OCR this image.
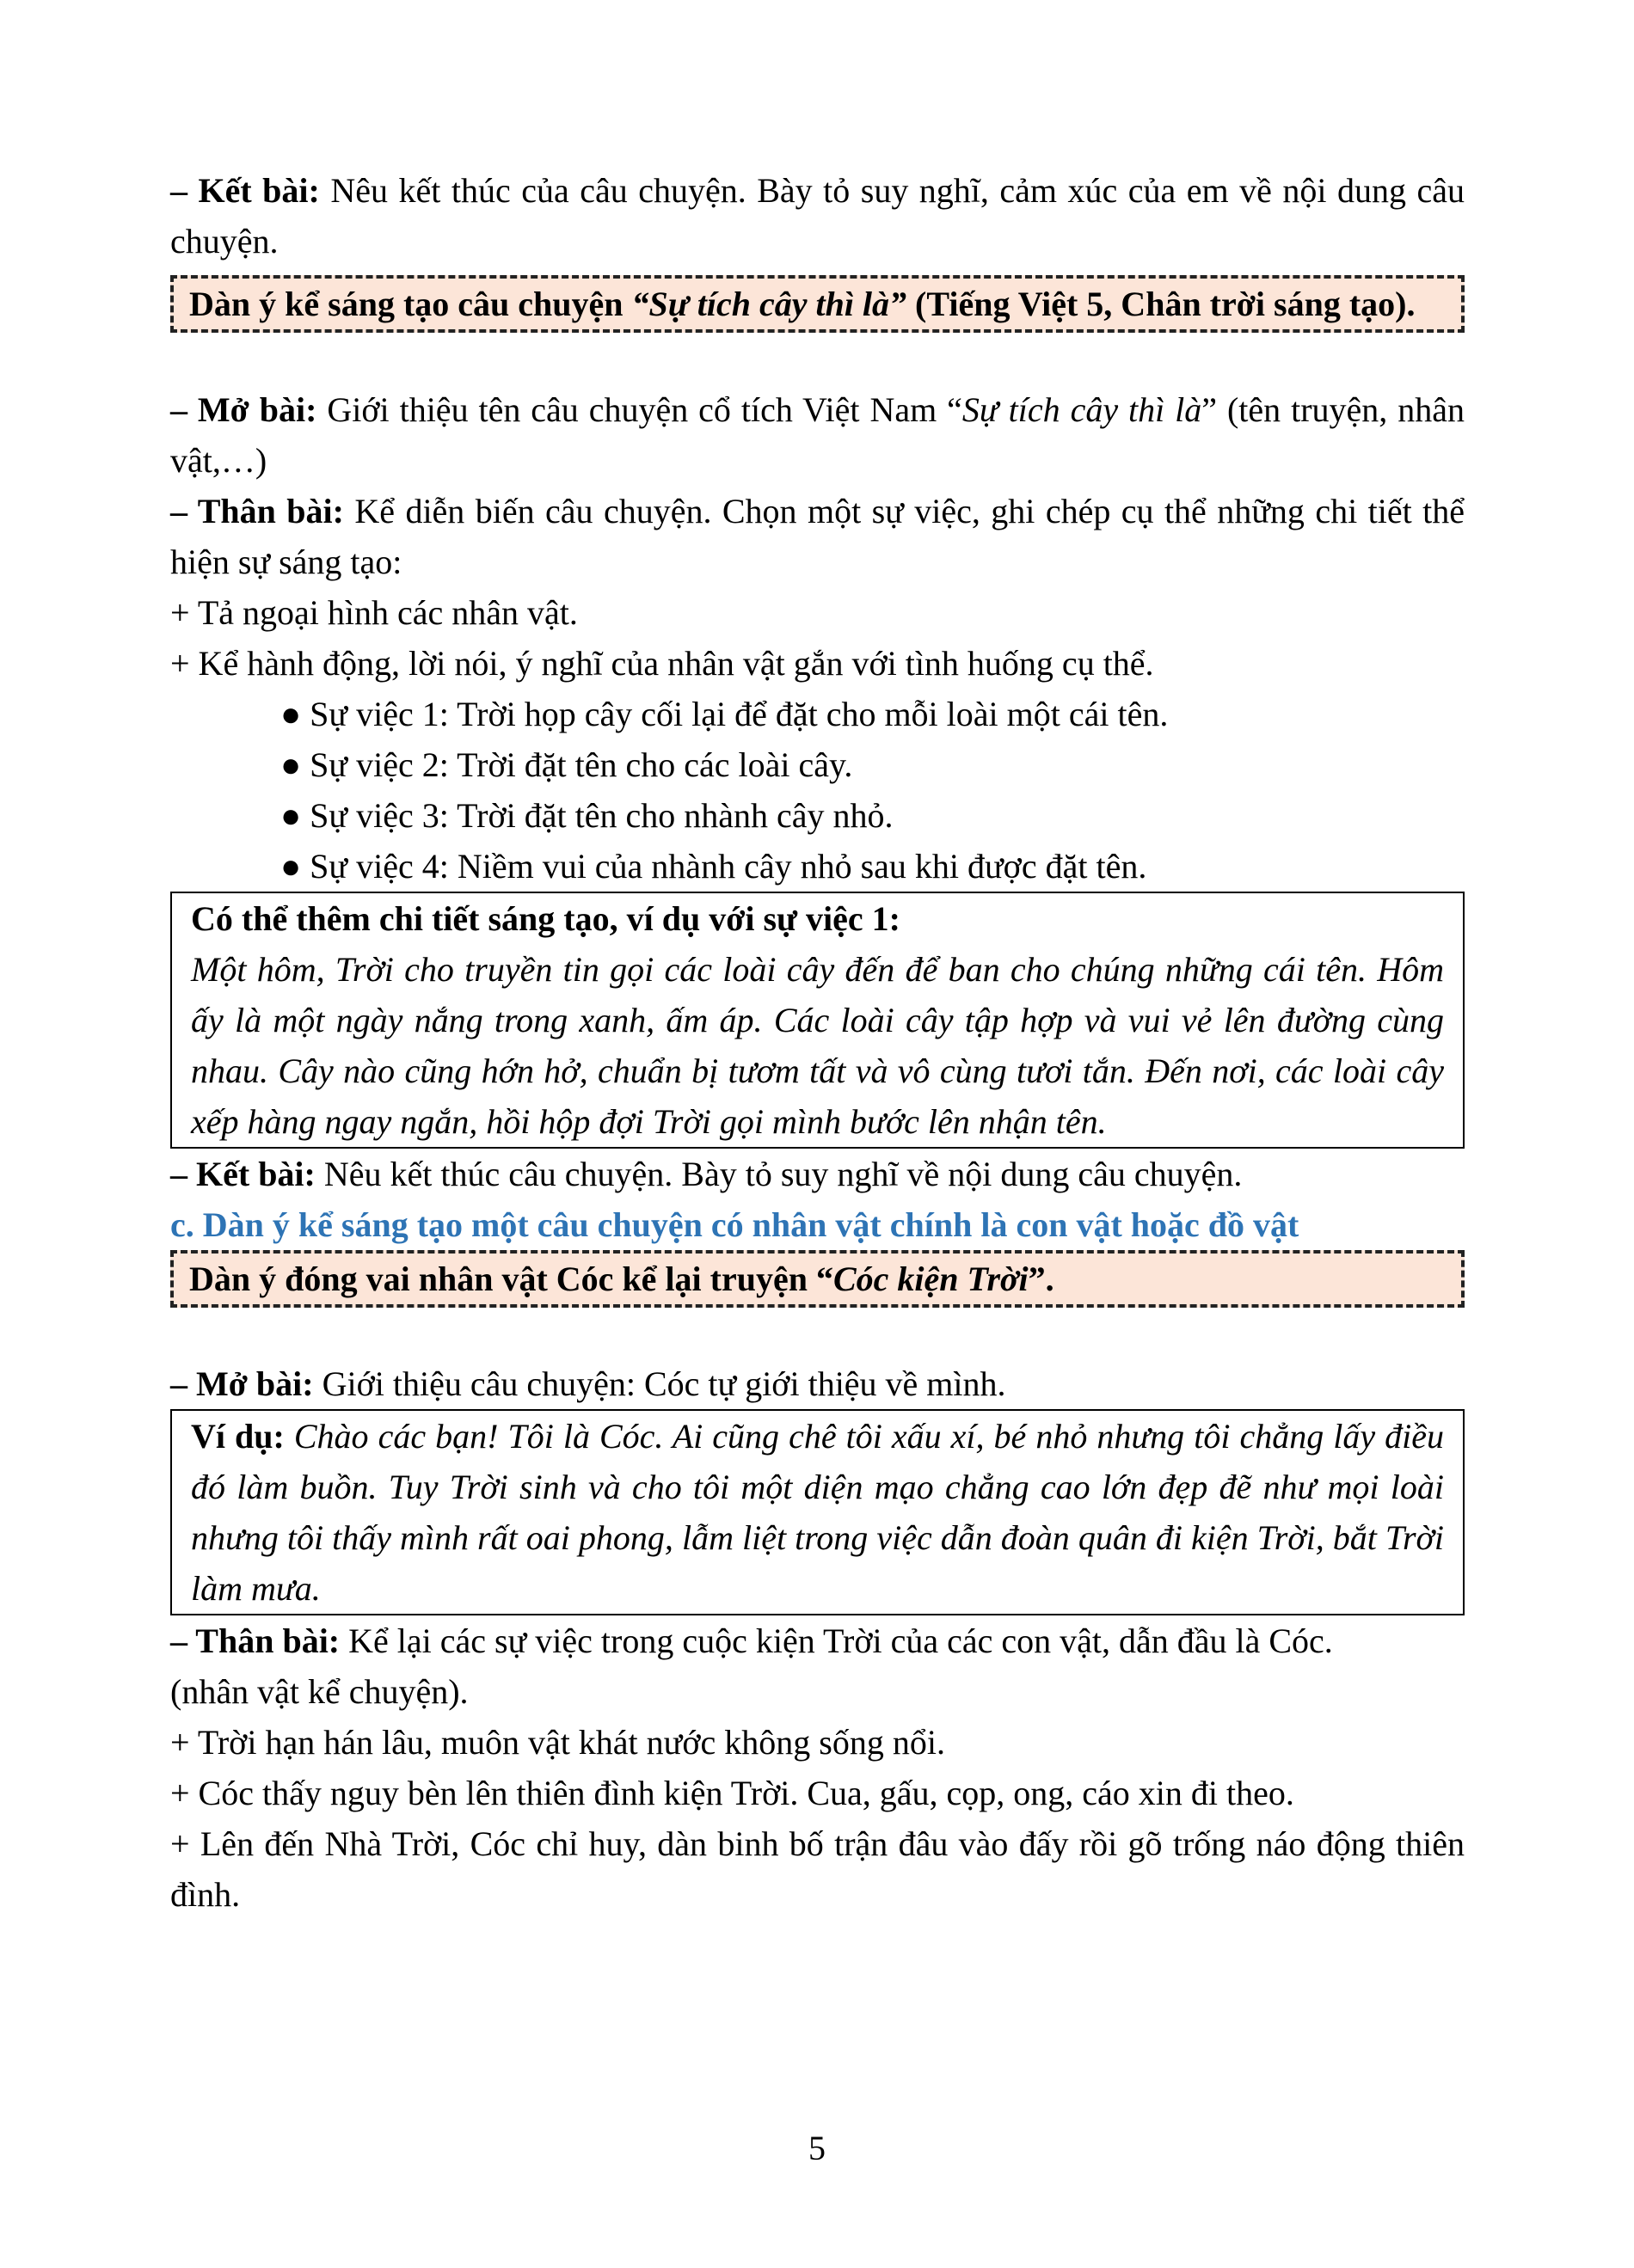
– Kết bài: Nêu kết thúc của câu chuyện. Bày tỏ suy nghĩ, cảm xúc của em về nội dung câu chuyện.

Dàn ý kể sáng tạo câu chuyện “Sự tích cây thì là” (Tiếng Việt 5, Chân trời sáng tạo).

– Mở bài: Giới thiệu tên câu chuyện cổ tích Việt Nam “Sự tích cây thì là” (tên truyện, nhân vật,…)

– Thân bài: Kể diễn biến câu chuyện. Chọn một sự việc, ghi chép cụ thể những chi tiết thể hiện sự sáng tạo:

+ Tả ngoại hình các nhân vật.

+ Kể hành động, lời nói, ý nghĩ của nhân vật gắn với tình huống cụ thể.

● Sự việc 1: Trời họp cây cối lại để đặt cho mỗi loài một cái tên.

● Sự việc 2: Trời đặt tên cho các loài cây.

● Sự việc 3: Trời đặt tên cho nhành cây nhỏ.

● Sự việc 4: Niềm vui của nhành cây nhỏ sau khi được đặt tên.

Có thể thêm chi tiết sáng tạo, ví dụ với sự việc 1:
Một hôm, Trời cho truyền tin gọi các loài cây đến để ban cho chúng những cái tên. Hôm ấy là một ngày nắng trong xanh, ấm áp. Các loài cây tập hợp và vui vẻ lên đường cùng nhau. Cây nào cũng hớn hở, chuẩn bị tươm tất và vô cùng tươi tắn. Đến nơi, các loài cây xếp hàng ngay ngắn, hồi hộp đợi Trời gọi mình bước lên nhận tên.

– Kết bài: Nêu kết thúc câu chuyện. Bày tỏ suy nghĩ về nội dung câu chuyện.

c. Dàn ý kể sáng tạo một câu chuyện có nhân vật chính là con vật hoặc đồ vật

Dàn ý đóng vai nhân vật Cóc kể lại truyện “Cóc kiện Trời”.

– Mở bài: Giới thiệu câu chuyện: Cóc tự giới thiệu về mình.

Ví dụ: Chào các bạn! Tôi là Cóc. Ai cũng chê tôi xấu xí, bé nhỏ nhưng tôi chẳng lấy điều đó làm buồn. Tuy Trời sinh và cho tôi một diện mạo chẳng cao lớn đẹp đẽ như mọi loài nhưng tôi thấy mình rất oai phong, lẫm liệt trong việc dẫn đoàn quân đi kiện Trời, bắt Trời làm mưa.

– Thân bài: Kể lại các sự việc trong cuộc kiện Trời của các con vật, dẫn đầu là Cóc.

(nhân vật kể chuyện).

+ Trời hạn hán lâu, muôn vật khát nước không sống nổi.

+ Cóc thấy nguy bèn lên thiên đình kiện Trời. Cua, gấu, cọp, ong, cáo xin đi theo.

+ Lên đến Nhà Trời, Cóc chỉ huy, dàn binh bố trận đâu vào đấy rồi gõ trống náo động thiên đình.

5
